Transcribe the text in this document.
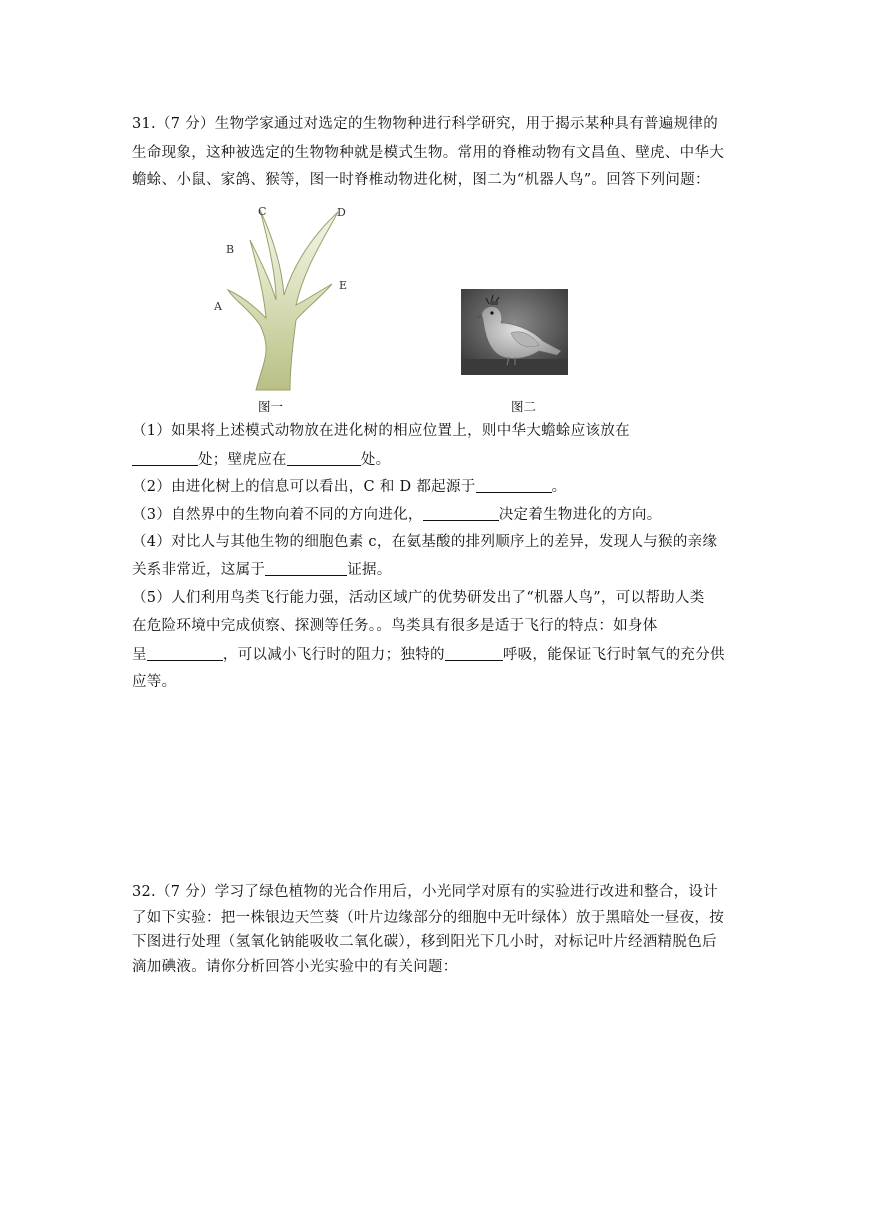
31.（7 分）生物学家通过对选定的生物物种进行科学研究，用于揭示某种具有普遍规律的
生命现象，这种被选定的生物物种就是模式生物。常用的脊椎动物有文昌鱼、壁虎、中华大
蟾蜍、小鼠、家鸽、猴等，图一时脊椎动物进化树，图二为“机器人鸟”。回答下列问题：
A
B
C	D
E
图一	图二
（1）如果将上述模式动物放在进化树的相应位置上，则中华大蟾蜍应该放在
处；壁虎应在	处。
（2）由进化树上的信息可以看出，C 和 D 都起源于	。
（3）自然界中的生物向着不同的方向进化，	决定着生物进化的方向。
（4）对比人与其他生物的细胞色素 c，在氨基酸的排列顺序上的差异，发现人与猴的亲缘
关系非常近，这属于	证据。
（5）人们利用鸟类飞行能力强，活动区域广的优势研发出了“机器人鸟”，可以帮助人类
在危险环境中完成侦察、探测等任务。。鸟类具有很多是适于飞行的特点：如身体
呈	，可以减小飞行时的阻力；独特的	呼吸，能保证飞行时氧气的充分供
应等。
32.（7 分）学习了绿色植物的光合作用后，小光同学对原有的实验进行改进和整合，设计
了如下实验：把一株银边天竺葵（叶片边缘部分的细胞中无叶绿体）放于黑暗处一昼夜，按
下图进行处理（氢氧化钠能吸收二氧化碳），移到阳光下几小时，对标记叶片经酒精脱色后
滴加碘液。请你分析回答小光实验中的有关问题：
